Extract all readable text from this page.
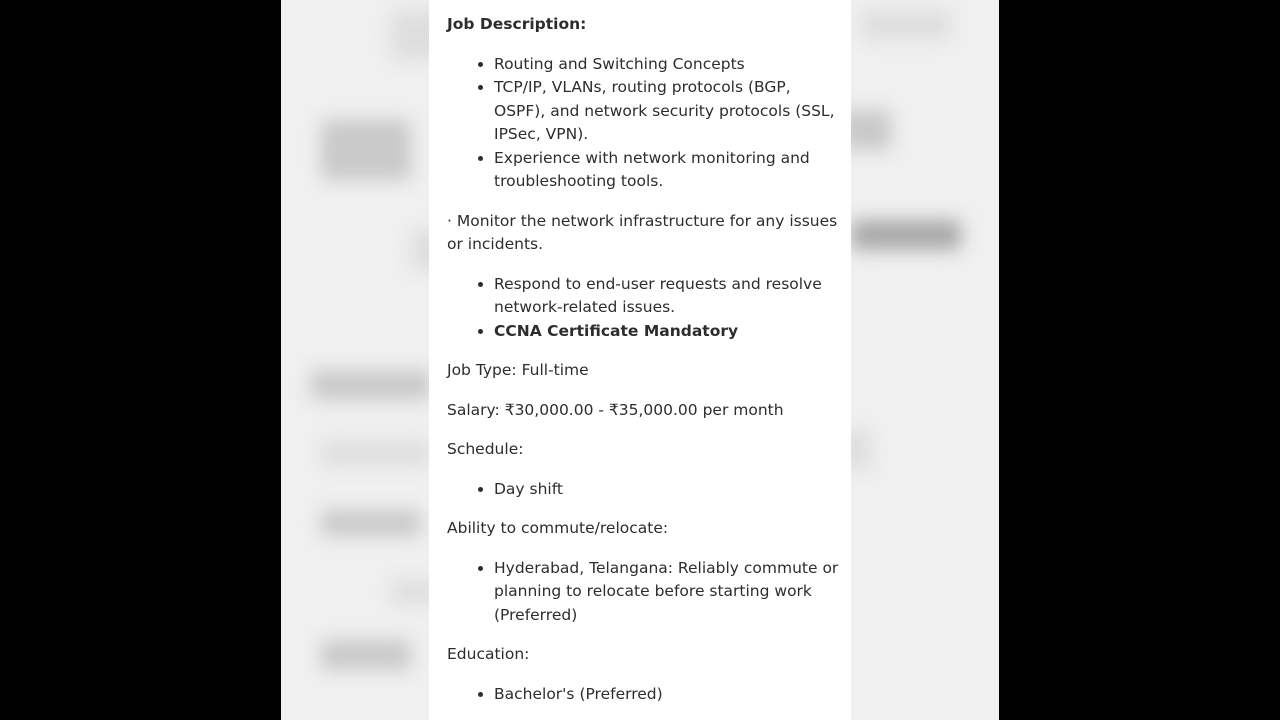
Job Description:
• Routing and Switching Concepts
• TCP/IP, VLANs, routing protocols (BGP, OSPF), and network security protocols (SSL, IPSec, VPN).
• Experience with network monitoring and troubleshooting tools.

· Monitor the network infrastructure for any issues or incidents.

• Respond to end-user requests and resolve network-related issues.
• CCNA Certificate Mandatory

Job Type: Full-time

Salary: ₹30,000.00 - ₹35,000.00 per month

Schedule:

• Day shift

Ability to commute/relocate:

• Hyderabad, Telangana: Reliably commute or planning to relocate before starting work (Preferred)

Education:

• Bachelor's (Preferred)
